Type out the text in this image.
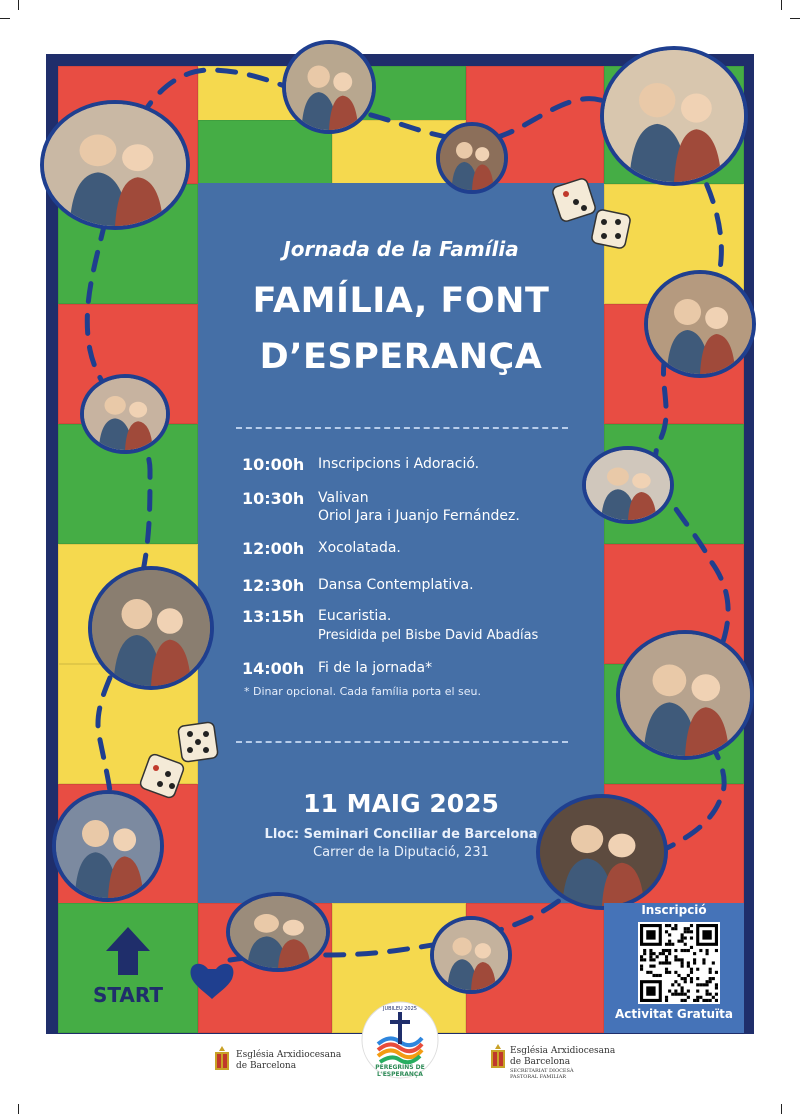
Jornada de la Família
FAMÍLIA, FONT
D’ESPERANÇA
10:00h Inscripcions i Adoració.
10:30h Valivan
Oriol Jara i Juanjo Fernández.
12:00h Xocolatada.
12:30h Dansa Contemplativa.
13:15h Eucaristia.
Presidida pel Bisbe David Abadías
14:00h Fi de la jornada*
* Dinar opcional. Cada família porta el seu.
11 MAIG 2025
Lloc: Seminari Conciliar de Barcelona
Carrer de la Diputació, 231
START
Inscripció
Activitat Gratuïta
Església Arxidiocesana
de Barcelona	PEREGRINS DE L'ESPERANÇA
JUBILEU 2025
Església Arxidiocesana
de Barcelona
SECRETARIAT DIOCESÀ
PASTORAL FAMILIAR
